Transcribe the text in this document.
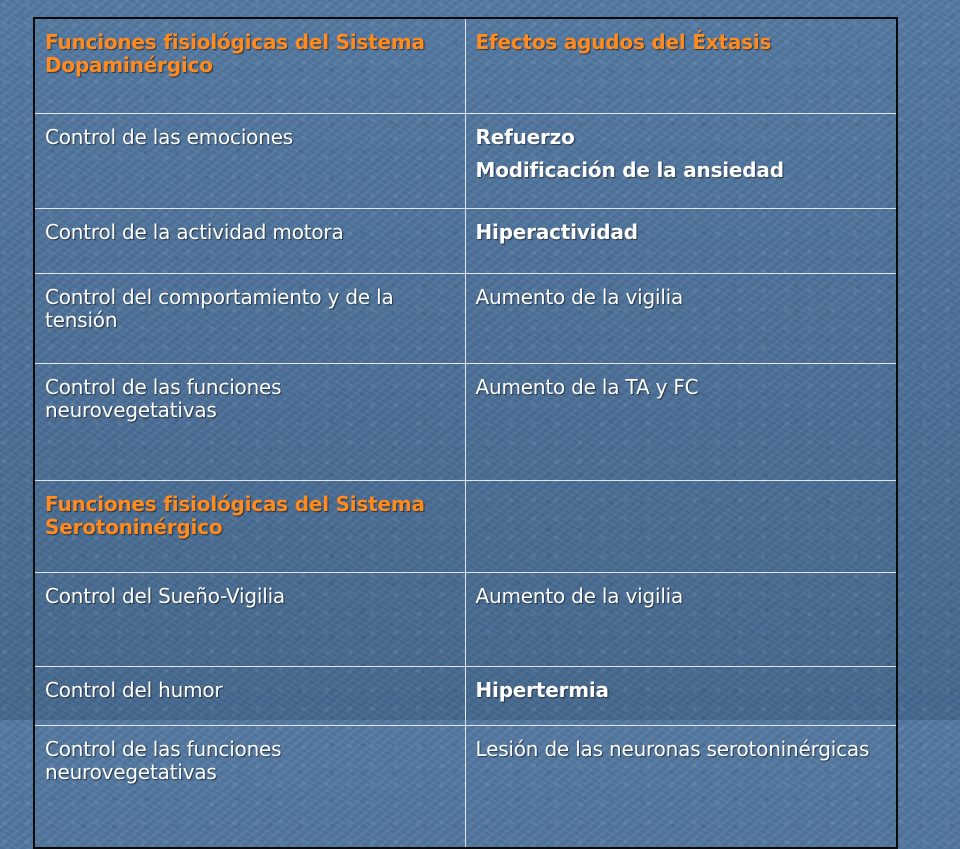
Funciones fisiológicas del Sistema Dopaminérgico	Efectos agudos del Éxtasis

Control de las emociones	Refuerzo
Modificación de la ansiedad

Control de la actividad motora	Hiperactividad

Control del comportamiento y de la tensión	Aumento de la vigilia

Control de las funciones neurovegetativas	Aumento de la TA y FC

Funciones fisiológicas del Sistema Serotoninérgico	
Control del Sueño-Vigilia	Aumento de la vigilia

Control del humor	Hipertermia

Control de las funciones neurovegetativas	Lesión de las neuronas serotoninérgicas
